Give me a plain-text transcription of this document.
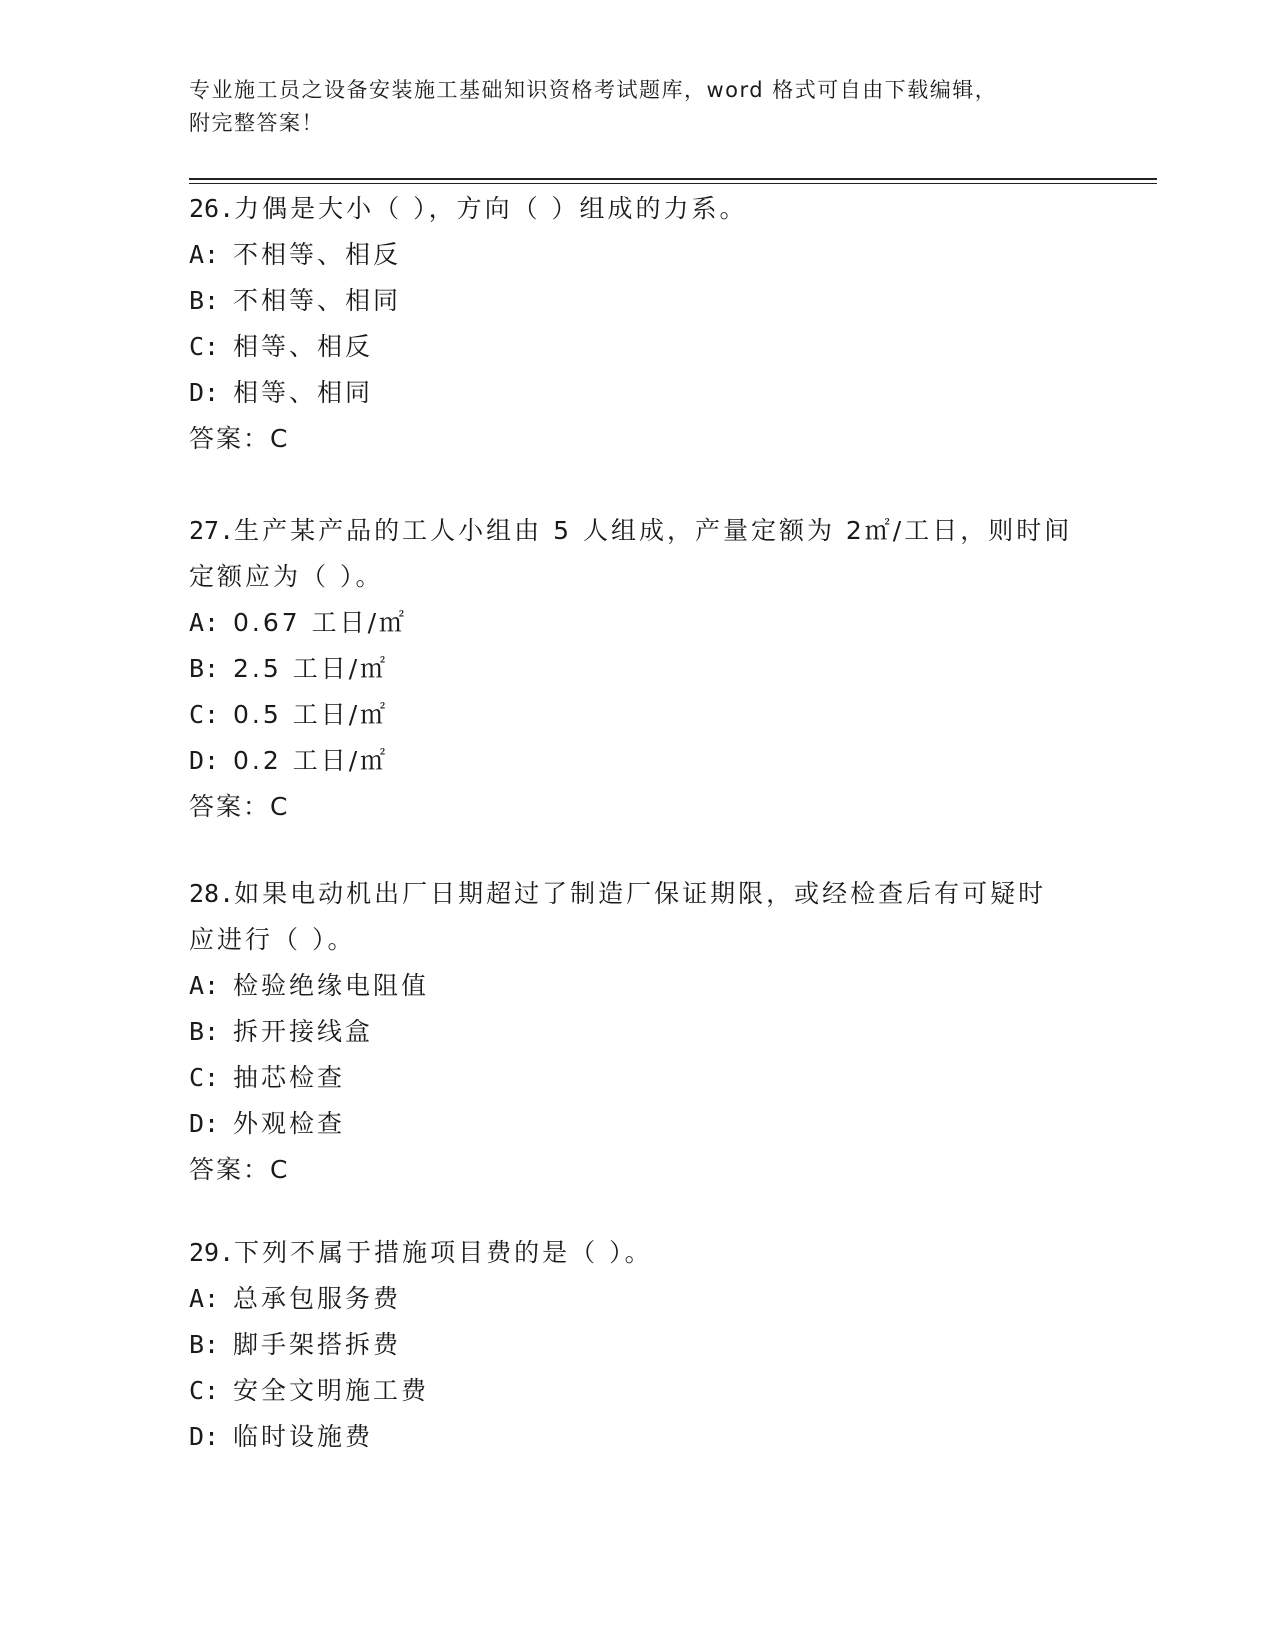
专业施工员之设备安装施工基础知识资格考试题库，word 格式可自由下载编辑，

附完整答案！

26.力偶是大小（ ），方向（ ）组成的力系。

A: 不相等、相反

B: 不相等、相同

C: 相等、相反

D: 相等、相同

答案：C

27.生产某产品的工人小组由 5 人组成，产量定额为 2㎡/工日，则时间

定额应为（ ）。

A: 0.67 工日/㎡

B: 2.5 工日/㎡

C: 0.5 工日/㎡

D: 0.2 工日/㎡

答案：C

28.如果电动机出厂日期超过了制造厂保证期限，或经检查后有可疑时

应进行（ ）。

A: 检验绝缘电阻值

B: 拆开接线盒

C: 抽芯检查

D: 外观检查

答案：C

29.下列不属于措施项目费的是（ ）。

A: 总承包服务费

B: 脚手架搭拆费

C: 安全文明施工费

D: 临时设施费
